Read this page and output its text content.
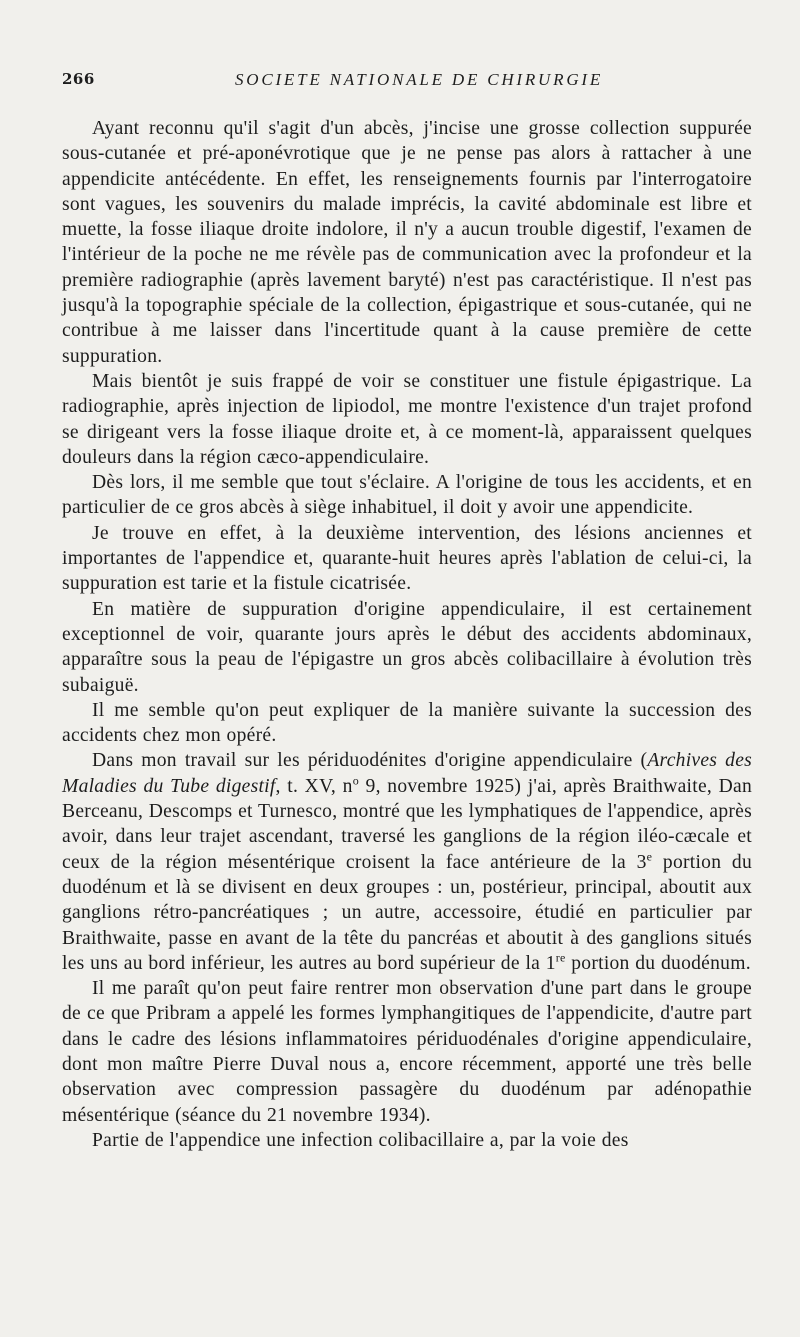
266	SOCIETE NATIONALE DE CHIRURGIE

Ayant reconnu qu'il s'agit d'un abcès, j'incise une grosse collection suppurée sous-cutanée et pré-aponévrotique que je ne pense pas alors à rattacher à une appendicite antécédente. En effet, les renseignements fournis par l'interrogatoire sont vagues, les souvenirs du malade imprécis, la cavité abdominale est libre et muette, la fosse iliaque droite indolore, il n'y a aucun trouble digestif, l'examen de l'intérieur de la poche ne me révèle pas de communication avec la profondeur et la première radiographie (après lavement baryté) n'est pas caractéristique. Il n'est pas jusqu'à la topographie spéciale de la collection, épigastrique et sous-cutanée, qui ne contribue à me laisser dans l'incertitude quant à la cause première de cette suppuration.

Mais bientôt je suis frappé de voir se constituer une fistule épigastrique. La radiographie, après injection de lipiodol, me montre l'existence d'un trajet profond se dirigeant vers la fosse iliaque droite et, à ce moment-là, apparaissent quelques douleurs dans la région cæco-appendiculaire.

Dès lors, il me semble que tout s'éclaire. A l'origine de tous les accidents, et en particulier de ce gros abcès à siège inhabituel, il doit y avoir une appendicite.

Je trouve en effet, à la deuxième intervention, des lésions anciennes et importantes de l'appendice et, quarante-huit heures après l'ablation de celui-ci, la suppuration est tarie et la fistule cicatrisée.

En matière de suppuration d'origine appendiculaire, il est certainement exceptionnel de voir, quarante jours après le début des accidents abdominaux, apparaître sous la peau de l'épigastre un gros abcès colibacillaire à évolution très subaiguë.

Il me semble qu'on peut expliquer de la manière suivante la succession des accidents chez mon opéré.

Dans mon travail sur les périduodénites d'origine appendiculaire (Archives des Maladies du Tube digestif, t. XV, $n^o$ 9, novembre 1925) j'ai, après Braithwaite, Dan Berceanu, Descomps et Turnesco, montré que les lymphatiques de l'appendice, après avoir, dans leur trajet ascendant, traversé les ganglions de la région iléo-cæcale et ceux de la région mésentérique croisent la face antérieure de la 3e portion du duodénum et là se divisent en deux groupes : un, postérieur, principal, aboutit aux ganglions rétro-pancréatiques ; un autre, accessoire, étudié en particulier par Braithwaite, passe en avant de la tête du pancréas et aboutit à des ganglions situés les uns au bord inférieur, les autres au bord supérieur de la 1re portion du duodénum.

Il me paraît qu'on peut faire rentrer mon observation d'une part dans le groupe de ce que Pribram a appelé les formes lymphangitiques de l'appendicite, d'autre part dans le cadre des lésions inflammatoires périduodénales d'origine appendiculaire, dont mon maître Pierre Duval nous a, encore récemment, apporté une très belle observation avec compression passagère du duodénum par adénopathie mésentérique (séance du 21 novembre 1934).

Partie de l'appendice une infection colibacillaire a, par la voie des
